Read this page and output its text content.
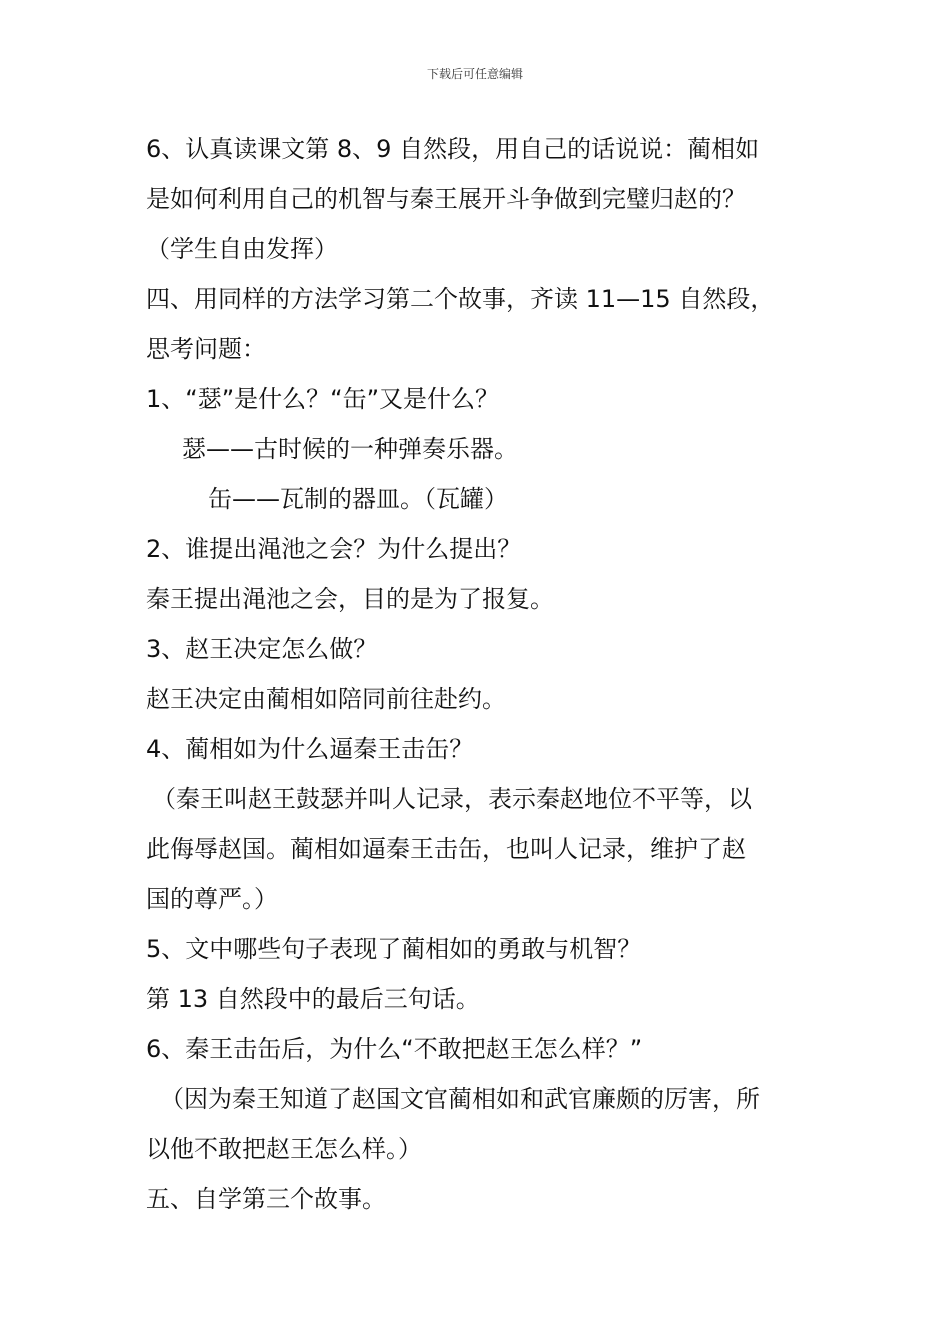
下载后可任意编辑
6、认真读课文第 8、9 自然段，用自己的话说说：蔺相如
是如何利用自己的机智与秦王展开斗争做到完璧归赵的？
（学生自由发挥）
四、用同样的方法学习第二个故事，齐读 11—15 自然段，
思考问题：
1、“瑟”是什么？“缶”又是什么？
瑟——古时候的一种弹奏乐器。
缶——瓦制的器皿。（瓦罐）
2、谁提出渑池之会？为什么提出？
秦王提出渑池之会，目的是为了报复。
3、赵王决定怎么做？
赵王决定由蔺相如陪同前往赴约。
4、蔺相如为什么逼秦王击缶？
（秦王叫赵王鼓瑟并叫人记录，表示秦赵地位不平等，以
此侮辱赵国。蔺相如逼秦王击缶，也叫人记录，维护了赵
国的尊严。）
5、文中哪些句子表现了蔺相如的勇敢与机智？
第 13 自然段中的最后三句话。
6、秦王击缶后，为什么“不敢把赵王怎么样？”
（因为秦王知道了赵国文官蔺相如和武官廉颇的厉害，所
以他不敢把赵王怎么样。）
五、自学第三个故事。
